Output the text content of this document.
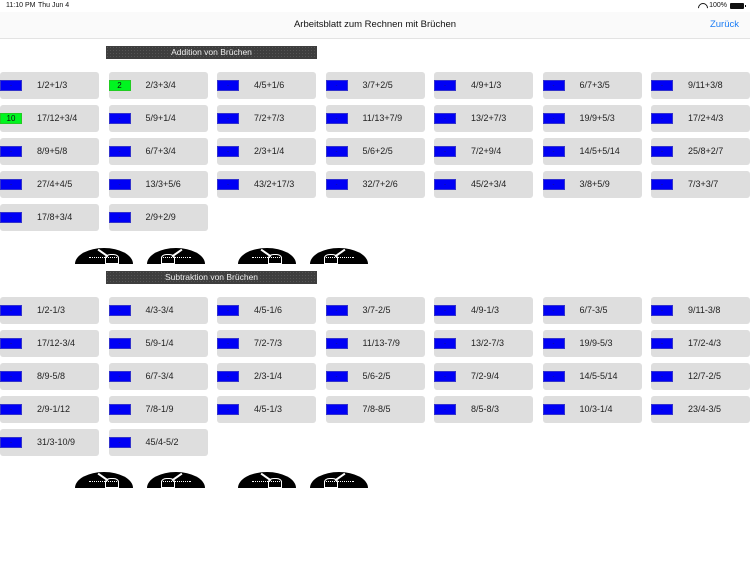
11:10 PM Thu Jun 4	100%
Arbeitsblatt zum Rechnen mit Brüchen	Zurück
Addition von Brüchen
-	1/2+1/3	2	2/3+3/4	-	4/5+1/6	-	3/7+2/5	-	4/9+1/3	-	6/7+3/5	-	9/11+3/8
10	17/12+3/4	-	5/9+1/4	-	7/2+7/3	-	11/13+7/9	-	13/2+7/3	-	19/9+5/3	-	17/2+4/3
-	8/9+5/8	-	6/7+3/4	-	2/3+1/4	-	5/6+2/5	-	7/2+9/4	-	14/5+5/14	-	25/8+2/7
-	27/4+4/5	-	13/3+5/6	-	43/2+17/3	-	32/7+2/6	-	45/2+3/4	-	3/8+5/9	-	7/3+3/7
-	17/8+3/4	-	2/9+2/9
Subtraktion von Brüchen
-	1/2-1/3	-	4/3-3/4	-	4/5-1/6	-	3/7-2/5	-	4/9-1/3	-	6/7-3/5	-	9/11-3/8
-	17/12-3/4	-	5/9-1/4	-	7/2-7/3	-	11/13-7/9	-	13/2-7/3	-	19/9-5/3	-	17/2-4/3
-	8/9-5/8	-	6/7-3/4	-	2/3-1/4	-	5/6-2/5	-	7/2-9/4	-	14/5-5/14	-	12/7-2/5
-	2/9-1/12	-	7/8-1/9	-	4/5-1/3	-	7/8-8/5	-	8/5-8/3	-	10/3-1/4	-	23/4-3/5
-	31/3-10/9	-	45/4-5/2
